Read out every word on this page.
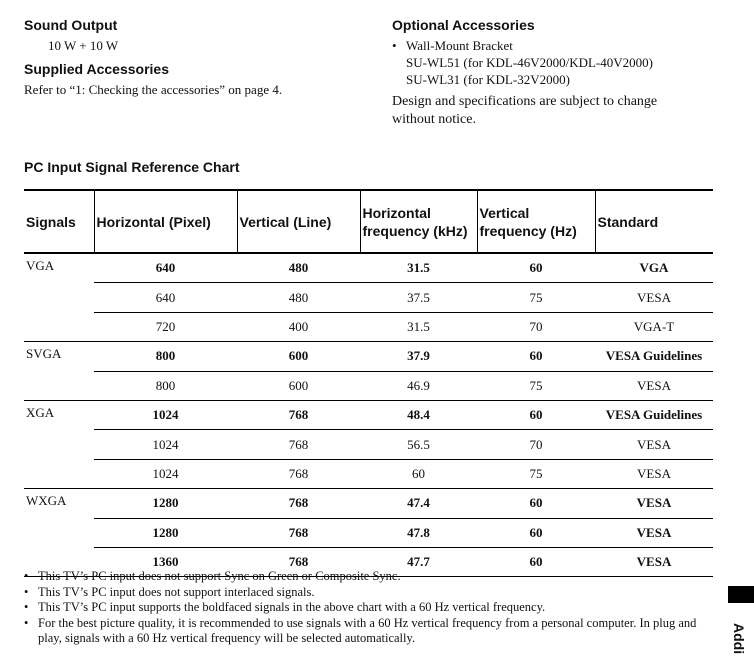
Sound Output
10 W + 10 W
Supplied Accessories
Refer to “1: Checking the accessories” on page 4.
Optional Accessories
• Wall-Mount Bracket
SU-WL51 (for KDL-46V2000/KDL-40V2000)
SU-WL31 (for KDL-32V2000)
Design and specifications are subject to change without notice.
PC Input Signal Reference Chart
Signals	Horizontal (Pixel)	Vertical (Line)	Horizontal frequency (kHz)	Vertical frequency (Hz)	Standard
VGA	640	480	31.5	60	VGA
	640	480	37.5	75	VESA
	720	400	31.5	70	VGA-T
SVGA	800	600	37.9	60	VESA Guidelines
	800	600	46.9	75	VESA
XGA	1024	768	48.4	60	VESA Guidelines
	1024	768	56.5	70	VESA
	1024	768	60	75	VESA
WXGA	1280	768	47.4	60	VESA
	1280	768	47.8	60	VESA
	1360	768	47.7	60	VESA
• This TV’s PC input does not support Sync on Green or Composite Sync.
• This TV’s PC input does not support interlaced signals.
• This TV’s PC input supports the boldfaced signals in the above chart with a 60 Hz vertical frequency.
• For the best picture quality, it is recommended to use signals with a 60 Hz vertical frequency from a personal computer. In plug and play, signals with a 60 Hz vertical frequency will be selected automatically.	Addi
